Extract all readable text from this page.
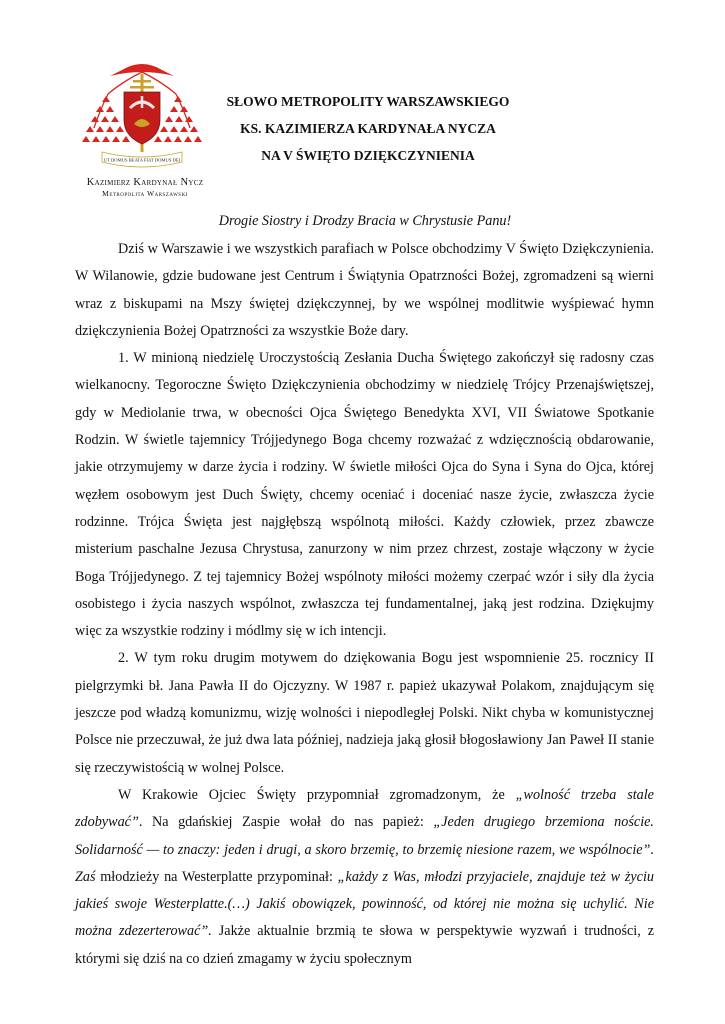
UT DOMUS BEATA FIAT DOMUS DEI
Kazimierz Kardynał Nycz
Metropolita Warszawski
SŁOWO METROPOLITY WARSZAWSKIEGO
KS. KAZIMIERZA KARDYNAŁA NYCZA
NA V ŚWIĘTO DZIĘKCZYNIENIA
Drogie Siostry i Drodzy Bracia w Chrystusie Panu!

Dziś w Warszawie i we wszystkich parafiach w Polsce obchodzimy V Święto Dziękczynienia. W Wilanowie, gdzie budowane jest Centrum i Świątynia Opatrzności Bożej, zgromadzeni są wierni wraz z biskupami na Mszy świętej dziękczynnej, by we wspólnej modlitwie wyśpiewać hymn dziękczynienia Bożej Opatrzności za wszystkie Boże dary.

1. W minioną niedzielę Uroczystością Zesłania Ducha Świętego zakończył się radosny czas wielkanocny. Tegoroczne Święto Dziękczynienia obchodzimy w niedzielę Trójcy Przenajświętszej, gdy w Mediolanie trwa, w obecności Ojca Świętego Benedykta XVI, VII Światowe Spotkanie Rodzin. W świetle tajemnicy Trójjedynego Boga chcemy rozważać z wdzięcznością obdarowanie, jakie otrzymujemy w darze życia i rodziny. W świetle miłości Ojca do Syna i Syna do Ojca, której węzłem osobowym jest Duch Święty, chcemy oceniać i doceniać nasze życie, zwłaszcza życie rodzinne. Trójca Święta jest najgłębszą wspólnotą miłości. Każdy człowiek, przez zbawcze misterium paschalne Jezusa Chrystusa, zanurzony w nim przez chrzest, zostaje włączony w życie Boga Trójjedynego. Z tej tajemnicy Bożej wspólnoty miłości możemy czerpać wzór i siły dla życia osobistego i życia naszych wspólnot, zwłaszcza tej fundamentalnej, jaką jest rodzina. Dziękujmy więc za wszystkie rodziny i módlmy się w ich intencji.

2. W tym roku drugim motywem do dziękowania Bogu jest wspomnienie 25. rocznicy II pielgrzymki bł. Jana Pawła II do Ojczyzny. W 1987 r. papież ukazywał Polakom, znajdującym się jeszcze pod władzą komunizmu, wizję wolności i niepodległej Polski. Nikt chyba w komunistycznej Polsce nie przeczuwał, że już dwa lata później, nadzieja jaką głosił błogosławiony Jan Paweł II stanie się rzeczywistością w wolnej Polsce.

W Krakowie Ojciec Święty przypomniał zgromadzonym, że „wolność trzeba stale zdobywać”. Na gdańskiej Zaspie wołał do nas papież: „Jeden drugiego brzemiona noście. Solidarność — to znaczy: jeden i drugi, a skoro brzemię, to brzemię niesione razem, we wspólnocie”. Zaś młodzieży na Westerplatte przypominał: „każdy z Was, młodzi przyjaciele, znajduje też w życiu jakieś swoje Westerplatte.(…) Jakiś obowiązek, powinność, od której nie można się uchylić. Nie można zdezerterować”. Jakże aktualnie brzmią te słowa w perspektywie wyzwań i trudności, z którymi się dziś na co dzień zmagamy w życiu społecznym
